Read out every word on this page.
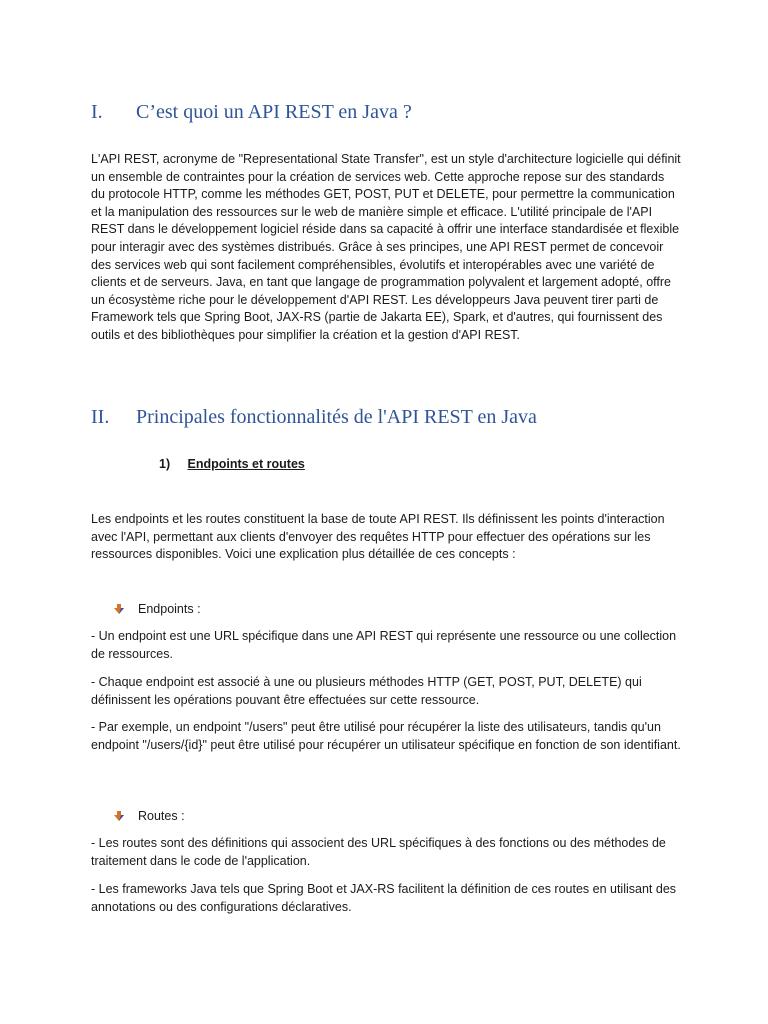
I.	C’est quoi un API REST en Java ?
L'API REST, acronyme de "Representational State Transfer", est un style d'architecture logicielle qui définit un ensemble de contraintes pour la création de services web. Cette approche repose sur des standards du protocole HTTP, comme les méthodes GET, POST, PUT et DELETE, pour permettre la communication et la manipulation des ressources sur le web de manière simple et efficace. L'utilité principale de l'API REST dans le développement logiciel réside dans sa capacité à offrir une interface standardisée et flexible pour interagir avec des systèmes distribués. Grâce à ses principes, une API REST permet de concevoir des services web qui sont facilement compréhensibles, évolutifs et interopérables avec une variété de clients et de serveurs. Java, en tant que langage de programmation polyvalent et largement adopté, offre un écosystème riche pour le développement d'API REST. Les développeurs Java peuvent tirer parti de Framework tels que Spring Boot, JAX-RS (partie de Jakarta EE), Spark, et d'autres, qui fournissent des outils et des bibliothèques pour simplifier la création et la gestion d'API REST.
II.	Principales fonctionnalités de l'API REST en Java
1) Endpoints et routes
Les endpoints et les routes constituent la base de toute API REST. Ils définissent les points d'interaction avec l'API, permettant aux clients d'envoyer des requêtes HTTP pour effectuer des opérations sur les ressources disponibles. Voici une explication plus détaillée de ces concepts :
Endpoints :
- Un endpoint est une URL spécifique dans une API REST qui représente une ressource ou une collection de ressources.
- Chaque endpoint est associé à une ou plusieurs méthodes HTTP (GET, POST, PUT, DELETE) qui définissent les opérations pouvant être effectuées sur cette ressource.
- Par exemple, un endpoint "/users" peut être utilisé pour récupérer la liste des utilisateurs, tandis qu'un endpoint "/users/{id}" peut être utilisé pour récupérer un utilisateur spécifique en fonction de son identifiant.
Routes :
- Les routes sont des définitions qui associent des URL spécifiques à des fonctions ou des méthodes de traitement dans le code de l'application.
- Les frameworks Java tels que Spring Boot et JAX-RS facilitent la définition de ces routes en utilisant des annotations ou des configurations déclaratives.
